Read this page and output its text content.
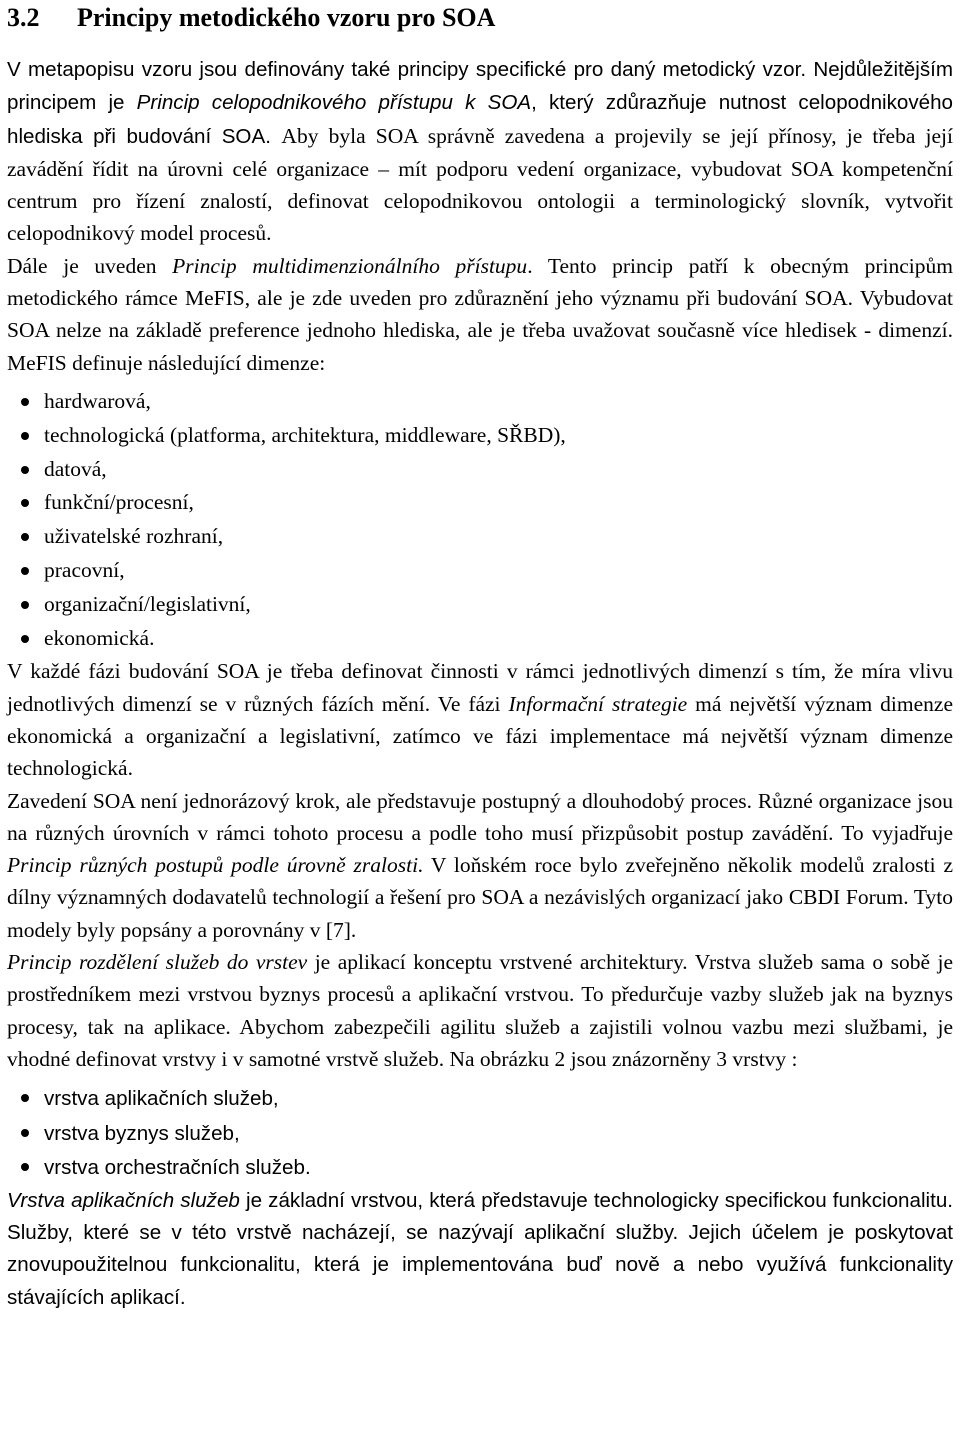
3.2 Principy metodického vzoru pro SOA

V metapopisu vzoru jsou definovány také principy specifické pro daný metodický vzor. Nejdůležitějším principem je Princip celopodnikového přístupu k SOA, který zdůrazňuje nutnost celopodnikového hlediska při budování SOA. Aby byla SOA správně zavedena a projevily se její přínosy, je třeba její zavádění řídit na úrovni celé organizace – mít podporu vedení organizace, vybudovat SOA kompetenční centrum pro řízení znalostí, definovat celopodnikovou ontologii a terminologický slovník, vytvořit celopodnikový model procesů.

Dále je uveden Princip multidimenzionálního přístupu. Tento princip patří k obecným principům metodického rámce MeFIS, ale je zde uveden pro zdůraznění jeho významu při budování SOA. Vybudovat SOA nelze na základě preference jednoho hlediska, ale je třeba uvažovat současně více hledisek - dimenzí. MeFIS definuje následující dimenze:

hardwarová,
technologická (platforma, architektura, middleware, SŘBD),
datová,
funkční/procesní,
uživatelské rozhraní,
pracovní,
organizační/legislativní,
ekonomická.

V každé fázi budování SOA je třeba definovat činnosti v rámci jednotlivých dimenzí s tím, že míra vlivu jednotlivých dimenzí se v různých fázích mění. Ve fázi Informační strategie má největší význam dimenze ekonomická a organizační a legislativní, zatímco ve fázi implementace má největší význam dimenze technologická.

Zavedení SOA není jednorázový krok, ale představuje postupný a dlouhodobý proces. Různé organizace jsou na různých úrovních v rámci tohoto procesu a podle toho musí přizpůsobit postup zavádění. To vyjadřuje Princip různých postupů podle úrovně zralosti. V loňském roce bylo zveřejněno několik modelů zralosti z dílny významných dodavatelů technologií a řešení pro SOA a nezávislých organizací jako CBDI Forum. Tyto modely byly popsány a porovnány v [7].

Princip rozdělení služeb do vrstev je aplikací konceptu vrstvené architektury. Vrstva služeb sama o sobě je prostředníkem mezi vrstvou byznys procesů a aplikační vrstvou. To předurčuje vazby služeb jak na byznys procesy, tak na aplikace. Abychom zabezpečili agilitu služeb a zajistili volnou vazbu mezi službami, je vhodné definovat vrstvy i v samotné vrstvě služeb. Na obrázku 2 jsou znázorněny 3 vrstvy :

vrstva aplikačních služeb,
vrstva byznys služeb,
vrstva orchestračních služeb.

Vrstva aplikačních služeb je základní vrstvou, která představuje technologicky specifickou funkcionalitu. Služby, které se v této vrstvě nacházejí, se nazývají aplikační služby. Jejich účelem je poskytovat znovupoužitelnou funkcionalitu, která je implementována buď nově a nebo využívá funkcionality stávajících aplikací.
